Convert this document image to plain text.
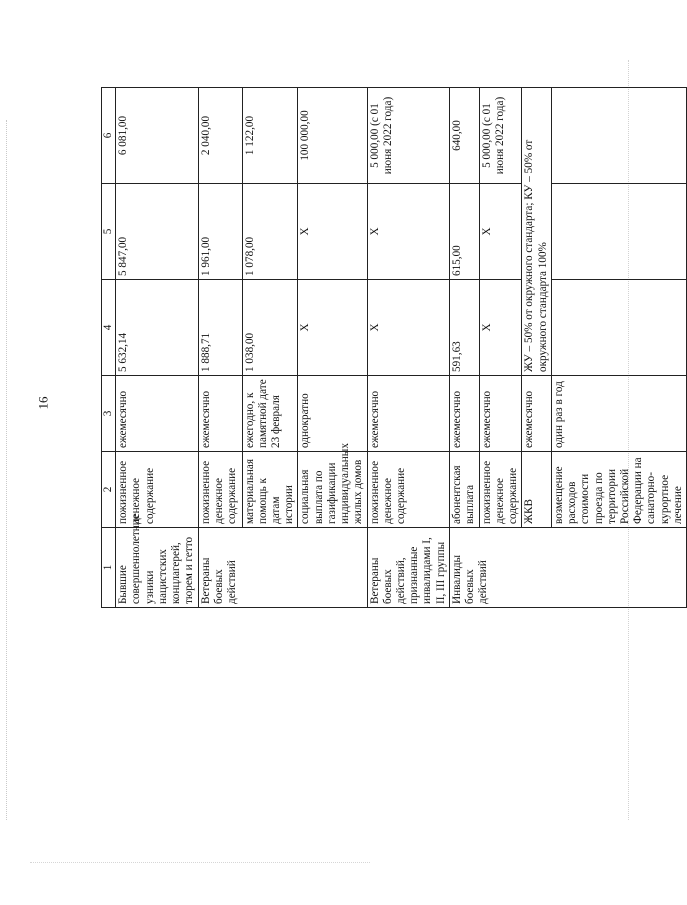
16
1	2	3	4	5	6
Бывшие совершеннолетние узники нацистских концлагерей, тюрем и гетто	пожизненное денежное содержание	ежемесячно	5 632,14	5 847,00	6 081,00
Ветераны боевых действий	пожизненное денежное содержание	ежемесячно	1 888,71	1 961,00	2 040,00
	материальная помощь к датам истории	ежегодно, к памятной дате 23 февраля	1 038,00	1 078,00	1 122,00
	социальная выплата по газификации индивидуальных жилых домов	однократно	Х	Х	100 000,00
Ветераны боевых действий, признанные инвалидами I, II, III группы	пожизненное денежное содержание	ежемесячно	Х	Х	5 000,00 (с 01 июня 2022 года)
Инвалиды боевых действий	абонентская выплата	ежемесячно	591,63	615,00	640,00
	пожизненное денежное содержание	ежемесячно	Х	Х	5 000,00 (с 01 июня 2022 года)
	ЖКВ	ежемесячно	ЖУ – 50% от окружного стандарта; КУ – 50% от окружного стандарта 100%		
	возмещение расходов стоимости проезда по территории Российской Федерации на санаторно-курортное лечение	один раз в год			
